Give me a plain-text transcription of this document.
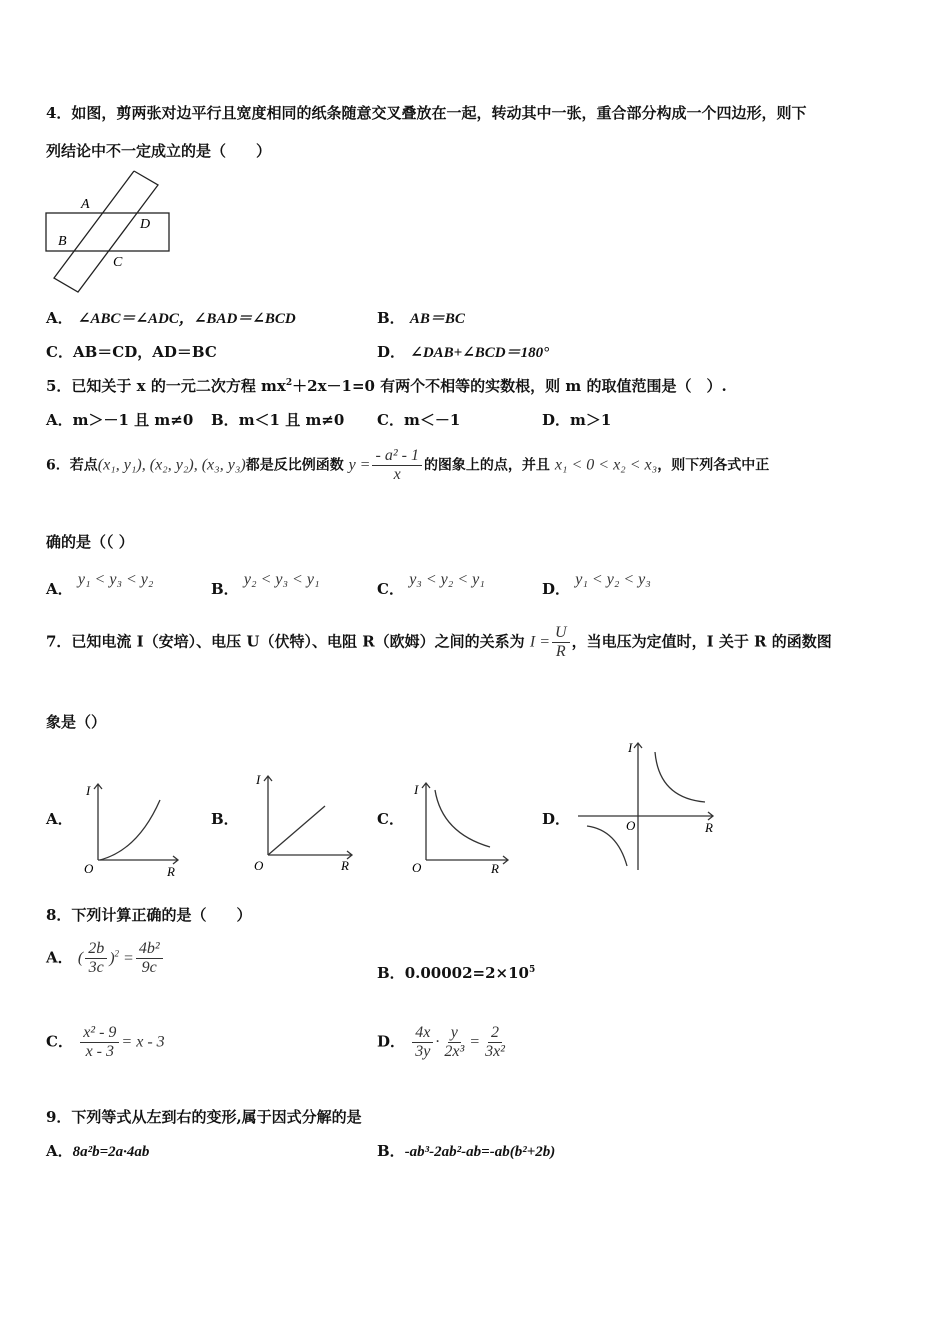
4．如图，剪两张对边平行且宽度相同的纸条随意交叉叠放在一起，转动其中一张，重合部分构成一个四边形，则下
列结论中不一定成立的是（　　）
A
D
B
C
A． ∠ABC＝∠ADC，∠BAD＝∠BCD	B． AB＝BC
C．AB＝CD，AD＝BC	D． ∠DAB+∠BCD＝180°
5．已知关于 x 的一元二次方程 $mx^2+2x-1=0$ 有两个不相等的实数根，则 m 的取值范围是（　）.
A．m＞－1 且 m≠0 B．m＜1 且 m≠0 C．m＜－1	D．m＞1
6．若点(x₁, y₁), (x₂, y₂), (x₃, y₃)都是反比例函数 $y = \frac{\text{- a² - 1}}{x}$ 的图象上的点，并且 x₁ < 0 < x₂ < x₃，则下列各式中正
确的是（（ ）
A． y₁ < y₃ < y₂
B． y₂ < y₃ < y₁
C． y₃ < y₂ < y₁
D． y₁ < y₂ < y₃
7．已知电流 I（安培）、电压 U（伏特）、电阻 R（欧姆）之间的关系为 $I = \frac{U}{R}$ ，当电压为定值时，I 关于 R 的函数图
象是（）
A．
I
O	R
B．
I
O	R
C．
I
O	R
D．
I
O	R
8．下列计算正确的是（　　）
A． ( $\frac{2b}{3c} )^2 = \frac{\text{4b²}}{9c}$	B．$0.00002=2\times 10^5$
C． $\frac{\text{x² - 9}}{x - 3} = x - 3$	D． $\frac{4x}{3y} \cdot \frac{y}{\text{2x³}} = \frac{2}{\text{3x²}}$
9．下列等式从左到右的变形,属于因式分解的是
A．8a²b=2a·4ab	B．-ab³-2ab²-ab=-ab(b²+2b)
